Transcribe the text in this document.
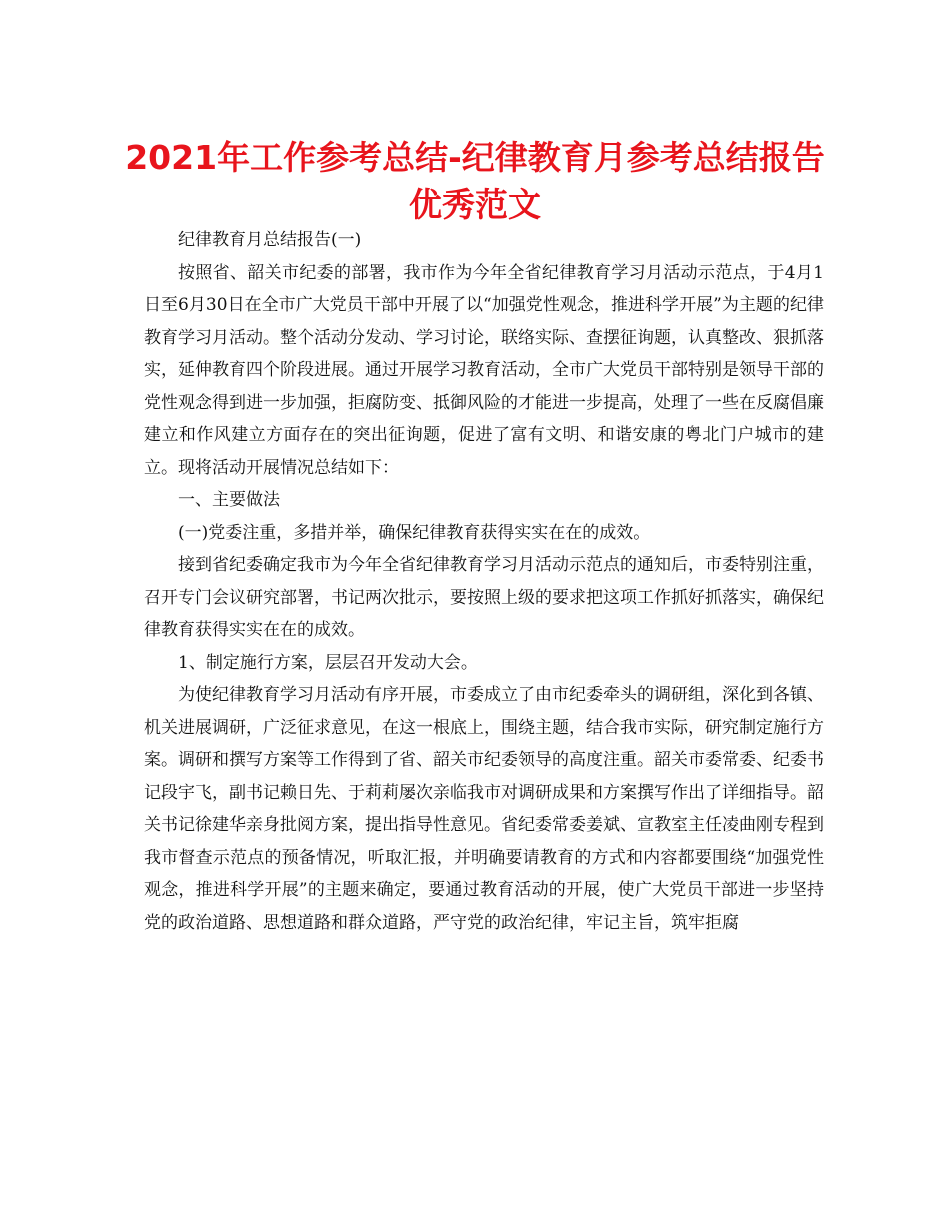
2021年工作参考总结-纪律教育月参考总结报告
优秀范文

纪律教育月总结报告(一)

按照省、韶关市纪委的部署，我市作为今年全省纪律教育学习月活动示范点，于4月1日至6月30日在全市广大党员干部中开展了以“加强党性观念，推进科学开展”为主题的纪律教育学习月活动。整个活动分发动、学习讨论，联络实际、查摆征询题，认真整改、狠抓落实，延伸教育四个阶段进展。通过开展学习教育活动，全市广大党员干部特别是领导干部的党性观念得到进一步加强，拒腐防变、抵御风险的才能进一步提高，处理了一些在反腐倡廉建立和作风建立方面存在的突出征询题，促进了富有文明、和谐安康的粤北门户城市的建立。现将活动开展情况总结如下：

一、主要做法

(一)党委注重，多措并举，确保纪律教育获得实实在在的成效。

接到省纪委确定我市为今年全省纪律教育学习月活动示范点的通知后，市委特别注重，召开专门会议研究部署，书记两次批示，要按照上级的要求把这项工作抓好抓落实，确保纪律教育获得实实在在的成效。

1、制定施行方案，层层召开发动大会。

为使纪律教育学习月活动有序开展，市委成立了由市纪委牵头的调研组，深化到各镇、机关进展调研，广泛征求意见，在这一根底上，围绕主题，结合我市实际，研究制定施行方案。调研和撰写方案等工作得到了省、韶关市纪委领导的高度注重。韶关市委常委、纪委书记段宇飞，副书记赖日先、于莉莉屡次亲临我市对调研成果和方案撰写作出了详细指导。韶关书记徐建华亲身批阅方案，提出指导性意见。省纪委常委姜斌、宣教室主任凌曲刚专程到我市督查示范点的预备情况，听取汇报，并明确要请教育的方式和内容都要围绕“加强党性观念，推进科学开展”的主题来确定，要通过教育活动的开展，使广大党员干部进一步坚持党的政治道路、思想道路和群众道路，严守党的政治纪律，牢记主旨，筑牢拒腐
